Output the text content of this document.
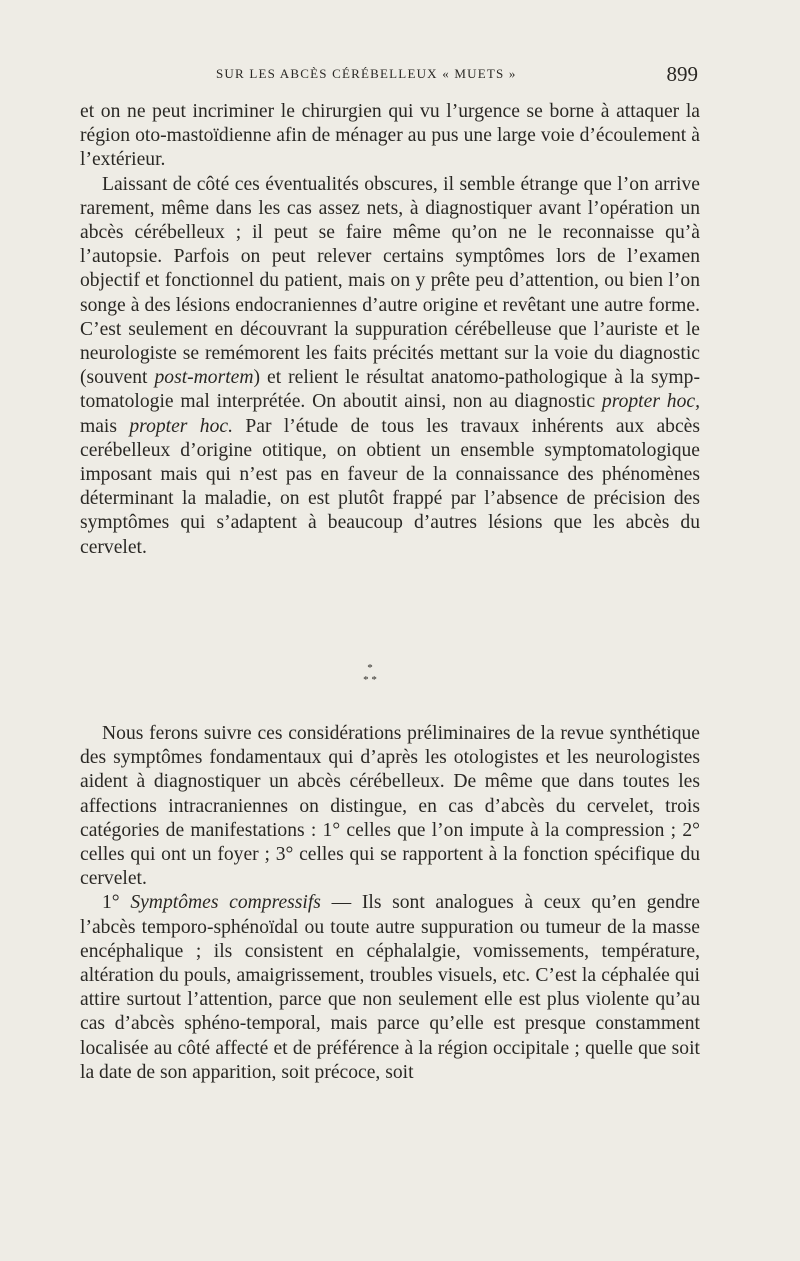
SUR LES ABCÈS CÉRÉBELLEUX « MUETS »	899

et on ne peut incriminer le chirurgien qui vu l’urgence se borne à attaquer la région oto-mastoïdienne afin de ménager au pus une large voie d’écoulement à l’extérieur.

Laissant de côté ces éventualités obscures, il semble étrange que l’on arrive rarement, même dans les cas assez nets, à diagnostiquer avant l’opération un abcès cérébelleux ; il peut se faire même qu’on ne le reconnaisse qu’à l’autopsie. Parfois on peut relever certains symptômes lors de l’examen objectif et fonctionnel du patient, mais on y prête peu d’attention, ou bien l’on songe à des lésions endocraniennes d’autre origine et revêtant une autre forme. C’est seulement en découvrant la suppuration cérébelleuse que l’auriste et le neurologiste se remémorent les faits précités mettant sur la voie du diagnostic (souvent post-mortem) et relient le résultat anatomo-pathologique à la symptomatologie mal interprétée. On aboutit ainsi, non au diagnostic propter hoc, mais propter hoc. Par l’étude de tous les travaux inhérents aux abcès cerébelleux d’origine otitique, on obtient un ensemble symptomatologique imposant mais qui n’est pas en faveur de la connaissance des phénomènes déterminant la maladie, on est plutôt frappé par l’absence de précision des symptômes qui s’adaptent à beaucoup d’autres lésions que les abcès du cervelet.

*
* *

Nous ferons suivre ces considérations préliminaires de la revue synthétique des symptômes fondamentaux qui d’après les otologistes et les neurologistes aident à diagnostiquer un abcès cérébelleux. De même que dans toutes les affections intracraniennes on distingue, en cas d’abcès du cervelet, trois catégories de manifestations : 1° celles que l’on impute à la compression ; 2° celles qui ont un foyer ; 3° celles qui se rapportent à la fonction spécifique du cervelet.

1° Symptômes compressifs — Ils sont analogues à ceux qu’en gendre l’abcès temporo-sphénoïdal ou toute autre suppuration ou tumeur de la masse encéphalique ; ils consistent en céphalalgie, vomissements, température, altération du pouls, amaigrissement, troubles visuels, etc. C’est la céphalée qui attire surtout l’attention, parce que non seulement elle est plus violente qu’au cas d’abcès sphéno-temporal, mais parce qu’elle est presque constamment localisée au côté affecté et de préférence à la région occipitale ; quelle que soit la date de son apparition, soit précoce, soit
